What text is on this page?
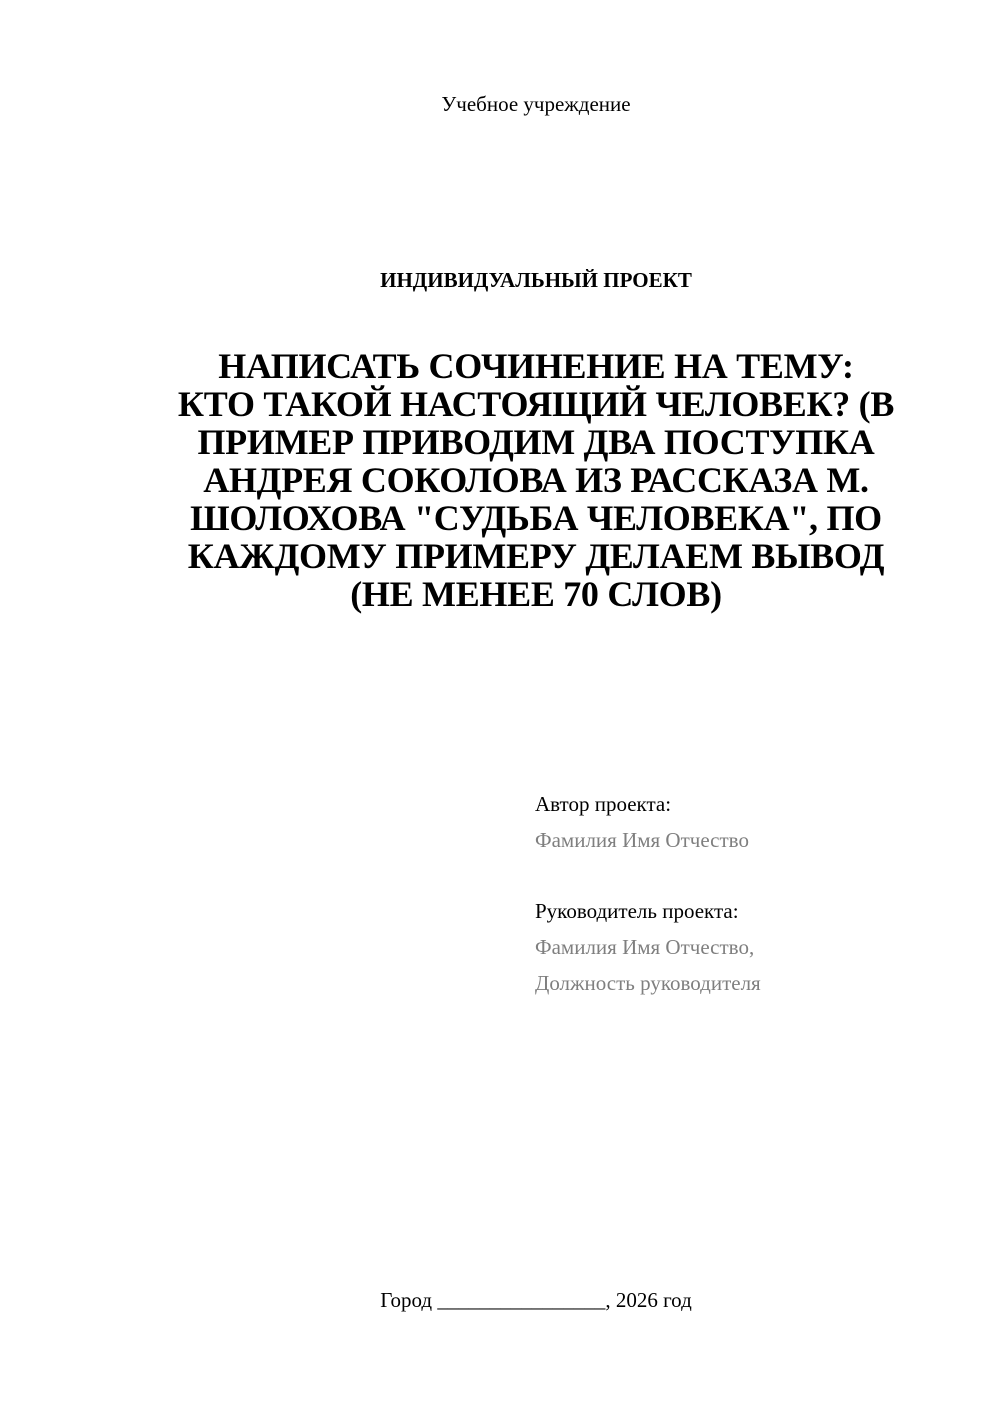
Учебное учреждение
ИНДИВИДУАЛЬНЫЙ ПРОЕКТ
НАПИСАТЬ СОЧИНЕНИЕ НА ТЕМУ:
КТО ТАКОЙ НАСТОЯЩИЙ ЧЕЛОВЕК? (В
ПРИМЕР ПРИВОДИМ ДВА ПОСТУПКА
АНДРЕЯ СОКОЛОВА ИЗ РАССКАЗА М.
ШОЛОХОВА "СУДЬБА ЧЕЛОВЕКА", ПО
КАЖДОМУ ПРИМЕРУ ДЕЛАЕМ ВЫВОД
(НЕ МЕНЕЕ 70 СЛОВ)
Автор проекта:
Фамилия Имя Отчество
Руководитель проекта:
Фамилия Имя Отчество,
Должность руководителя
Город ________________, 2026 год
